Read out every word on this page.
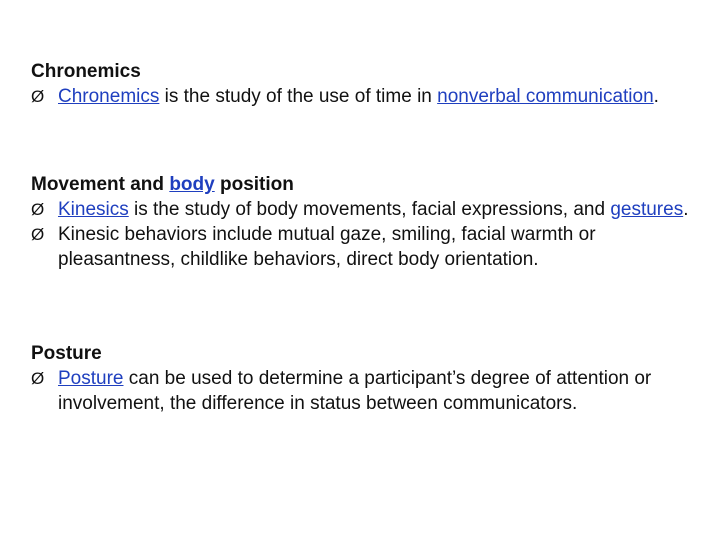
Chronemics

Ø Chronemics is the study of the use of time in nonverbal communication.

Movement and body position

Ø Kinesics is the study of body movements, facial expressions, and gestures.

Ø Kinesic behaviors include mutual gaze, smiling, facial warmth or pleasantness, childlike behaviors, direct body orientation.

Posture

Ø Posture can be used to determine a participant’s degree of attention or involvement, the difference in status between communicators.
